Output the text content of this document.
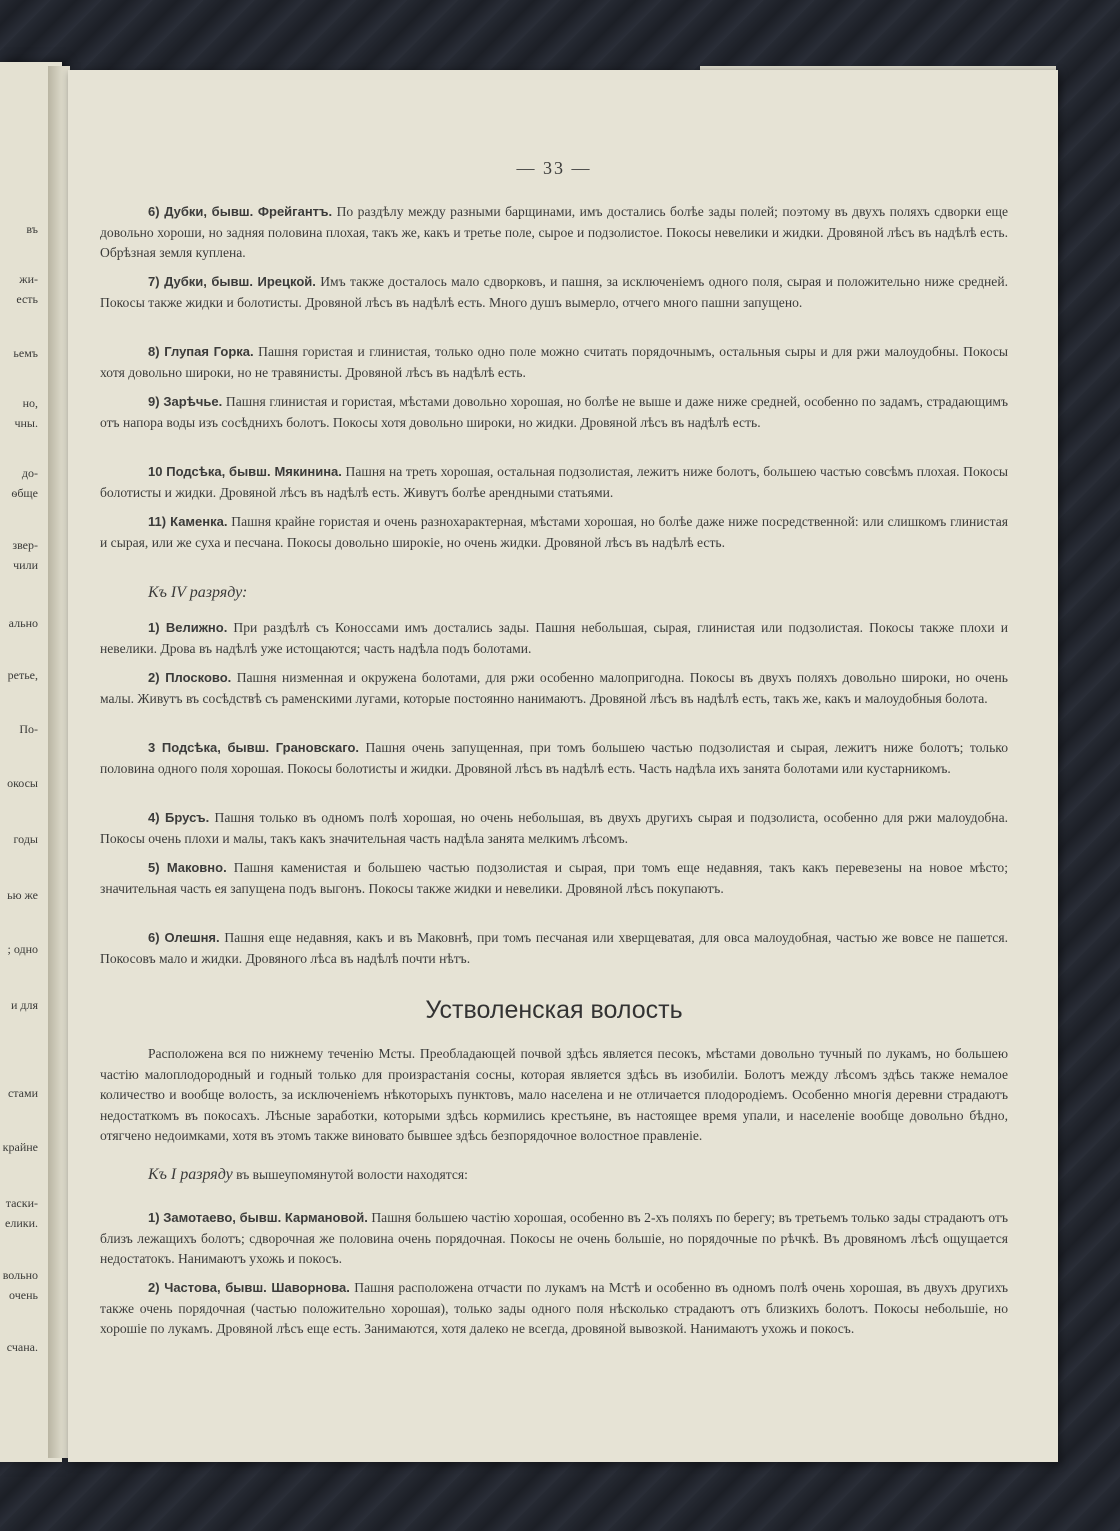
въ
жи-
есть
ьемъ
но,
чны.
до-
ѳбще
звер-
чили
ально
ретье,
По-
окосы
годы
ью же
; одно
и для
стами
крайне
таски-
елики.
вольно
очень
счана.
— 33 —
6) Дубки, бывш. Фрейгантъ. По раздѣлу между разными барщинами, имъ достались болѣе зады полей; поэтому въ двухъ поляхъ сдворки еще довольно хороши, но задняя половина плохая, такъ же, какъ и третье поле, сырое и подзолистое. Покосы невелики и жидки. Дровяной лѣсъ въ надѣлѣ есть. Обрѣзная земля куплена.
7) Дубки, бывш. Ирецкой. Имъ также досталось мало сдворковъ, и пашня, за исключеніемъ одного поля, сырая и положительно ниже средней. Покосы также жидки и болотисты. Дровяной лѣсъ въ надѣлѣ есть. Много душъ вымерло, отчего много пашни запущено.
8) Глупая Горка. Пашня гористая и глинистая, только одно поле можно считать порядочнымъ, остальныя сыры и для ржи малоудобны. Покосы хотя довольно широки, но не травянисты. Дровяной лѣсъ въ надѣлѣ есть.
9) Зарѣчье. Пашня глинистая и гористая, мѣстами довольно хорошая, но болѣе не выше и даже ниже средней, особенно по задамъ, страдающимъ отъ напора воды изъ сосѣднихъ болотъ. Покосы хотя довольно широки, но жидки. Дровяной лѣсъ въ надѣлѣ есть.
10 Подсѣка, бывш. Мякинина. Пашня на треть хорошая, остальная подзолистая, лежитъ ниже болотъ, большею частью совсѣмъ плохая. Покосы болотисты и жидки. Дровяной лѣсъ въ надѣлѣ есть. Живутъ болѣе арендными статьями.
11) Каменка. Пашня крайне гористая и очень разнохарактерная, мѣстами хорошая, но болѣе даже ниже посредственной: или слишкомъ глинистая и сырая, или же суха и песчана. Покосы довольно широкіе, но очень жидки. Дровяной лѣсъ въ надѣлѣ есть.
Къ IV разряду:
1) Велижно. При раздѣлѣ съ Коноссами имъ достались зады. Пашня небольшая, сырая, глинистая или подзолистая. Покосы также плохи и невелики. Дрова въ надѣлѣ уже истощаются; часть надѣла подъ болотами.
2) Плосково. Пашня низменная и окружена болотами, для ржи особенно малопригодна. Покосы въ двухъ поляхъ довольно широки, но очень малы. Живутъ въ сосѣдствѣ съ раменскими лугами, которые постоянно нанимаютъ. Дровяной лѣсъ въ надѣлѣ есть, такъ же, какъ и малоудобныя болота.
3 Подсѣка, бывш. Грановскаго. Пашня очень запущенная, при томъ большею частью подзолистая и сырая, лежитъ ниже болотъ; только половина одного поля хорошая. Покосы болотисты и жидки. Дровяной лѣсъ въ надѣлѣ есть. Часть надѣла ихъ занята болотами или кустарникомъ.
4) Брусъ. Пашня только въ одномъ полѣ хорошая, но очень небольшая, въ двухъ другихъ сырая и подзолиста, особенно для ржи малоудобна. Покосы очень плохи и малы, такъ какъ значительная часть надѣла занята мелкимъ лѣсомъ.
5) Маковно. Пашня каменистая и большею частью подзолистая и сырая, при томъ еще недавняя, такъ какъ перевезены на новое мѣсто; значительная часть ея запущена подъ выгонъ. Покосы также жидки и невелики. Дровяной лѣсъ покупаютъ.
6) Олешня. Пашня еще недавняя, какъ и въ Маковнѣ, при томъ песчаная или хверщеватая, для овса малоудобная, частью же вовсе не пашется. Покосовъ мало и жидки. Дровяного лѣса въ надѣлѣ почти нѣтъ.
Устволенская волость
Расположена вся по нижнему теченію Мсты. Преобладающей почвой здѣсь является песокъ, мѣстами довольно тучный по лукамъ, но большею частію малоплодородный и годный только для произрастанія сосны, которая является здѣсь въ изобиліи. Болотъ между лѣсомъ здѣсь также немалое количество и вообще волость, за исключеніемъ нѣкоторыхъ пунктовъ, мало населена и не отличается плодородіемъ. Особенно многія деревни страдаютъ недостаткомъ въ покосахъ. Лѣсные заработки, которыми здѣсь кормились крестьяне, въ настоящее время упали, и населеніе вообще довольно бѣдно, отягчено недоимками, хотя въ этомъ также виновато бывшее здѣсь безпорядочное волостное правленіе.
Къ I разряду въ вышеупомянутой волости находятся:
1) Замотаево, бывш. Карманoвой. Пашня большею частію хорошая, особенно въ 2-хъ поляхъ по берегу; въ третьемъ только зады страдаютъ отъ близъ лежащихъ болотъ; сдворочная же половина очень порядочная. Покосы не очень большіе, но порядочные по рѣчкѣ. Въ дровяномъ лѣсѣ ощущается недостатокъ. Нанимаютъ ухожь и покосъ.
2) Частова, бывш. Шаворнова. Пашня расположена отчасти по лукамъ на Мстѣ и особенно въ одномъ полѣ очень хорошая, въ двухъ другихъ также очень порядочная (частью положительно хорошая), только зады одного поля нѣсколько страдаютъ отъ близкихъ болотъ. Покосы небольшіе, но хорошіе по лукамъ. Дровяной лѣсъ еще есть. Занимаются, хотя далеко не всегда, дровяной вывозкой. Нанимаютъ ухожь и покосъ.
